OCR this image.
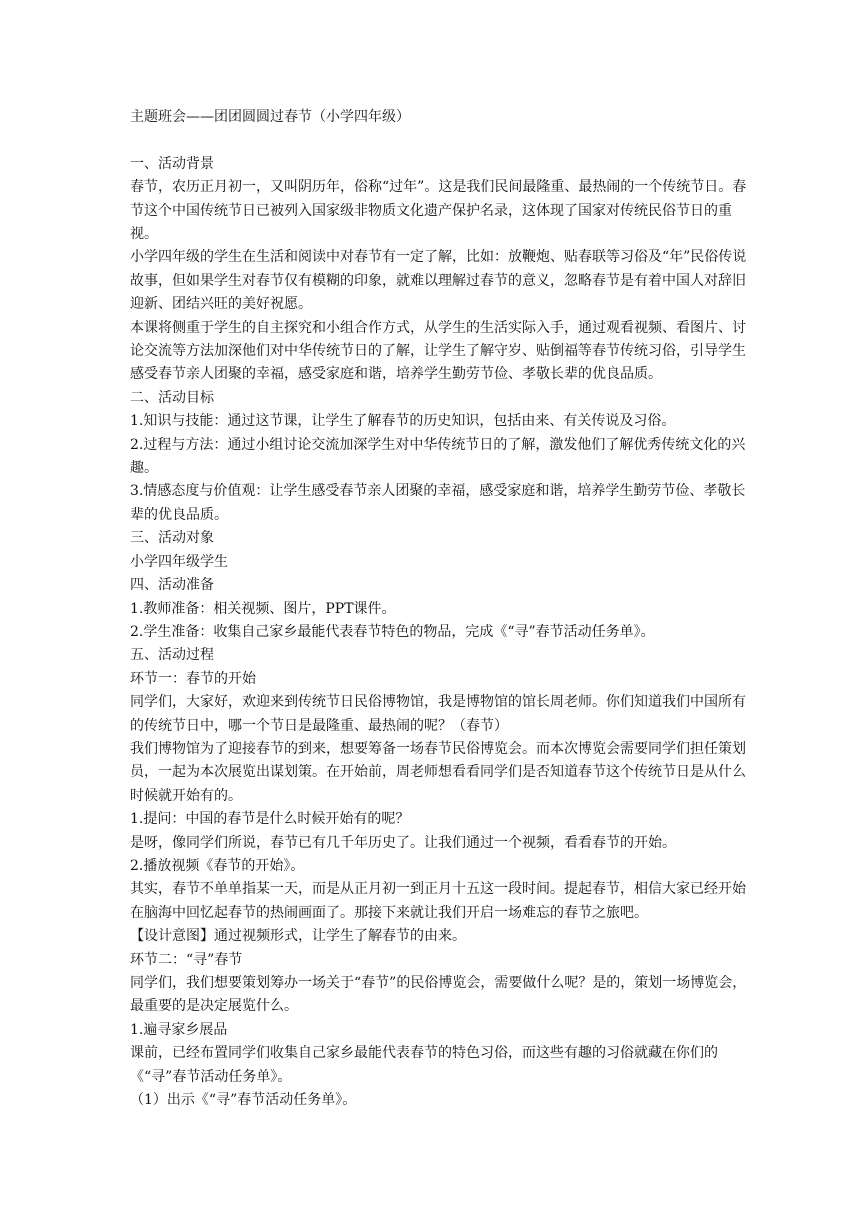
主题班会——团团圆圆过春节（小学四年级）

一、活动背景

春节，农历正月初一，又叫阴历年，俗称“过年”。这是我们民间最隆重、最热闹的一个传统节日。春节这个中国传统节日已被列入国家级非物质文化遗产保护名录，这体现了国家对传统民俗节日的重视。

小学四年级的学生在生活和阅读中对春节有一定了解，比如：放鞭炮、贴春联等习俗及“年”民俗传说故事，但如果学生对春节仅有模糊的印象，就难以理解过春节的意义，忽略春节是有着中国人对辞旧迎新、团结兴旺的美好祝愿。

本课将侧重于学生的自主探究和小组合作方式，从学生的生活实际入手，通过观看视频、看图片、讨论交流等方法加深他们对中华传统节日的了解，让学生了解守岁、贴倒福等春节传统习俗，引导学生感受春节亲人团聚的幸福，感受家庭和谐，培养学生勤劳节俭、孝敬长辈的优良品质。

二、活动目标

1.知识与技能：通过这节课，让学生了解春节的历史知识，包括由来、有关传说及习俗。

2.过程与方法：通过小组讨论交流加深学生对中华传统节日的了解，激发他们了解优秀传统文化的兴趣。

3.情感态度与价值观：让学生感受春节亲人团聚的幸福，感受家庭和谐，培养学生勤劳节俭、孝敬长辈的优良品质。

三、活动对象

小学四年级学生

四、活动准备

1.教师准备：相关视频、图片，PPT课件。

2.学生准备：收集自己家乡最能代表春节特色的物品，完成《“寻”春节活动任务单》。

五、活动过程

环节一：春节的开始

同学们，大家好，欢迎来到传统节日民俗博物馆，我是博物馆的馆长周老师。你们知道我们中国所有的传统节日中，哪一个节日是最隆重、最热闹的呢？（春节）

我们博物馆为了迎接春节的到来，想要筹备一场春节民俗博览会。而本次博览会需要同学们担任策划员，一起为本次展览出谋划策。在开始前，周老师想看看同学们是否知道春节这个传统节日是从什么时候就开始有的。

1.提问：中国的春节是什么时候开始有的呢？

是呀，像同学们所说，春节已有几千年历史了。让我们通过一个视频，看看春节的开始。

2.播放视频《春节的开始》。

其实，春节不单单指某一天，而是从正月初一到正月十五这一段时间。提起春节，相信大家已经开始在脑海中回忆起春节的热闹画面了。那接下来就让我们开启一场难忘的春节之旅吧。

【设计意图】通过视频形式，让学生了解春节的由来。

环节二：“寻”春节

同学们，我们想要策划筹办一场关于“春节”的民俗博览会，需要做什么呢？是的，策划一场博览会，最重要的是决定展览什么。

1.遍寻家乡展品

课前，已经布置同学们收集自己家乡最能代表春节的特色习俗，而这些有趣的习俗就藏在你们的《“寻”春节活动任务单》。

（1）出示《“寻”春节活动任务单》。
